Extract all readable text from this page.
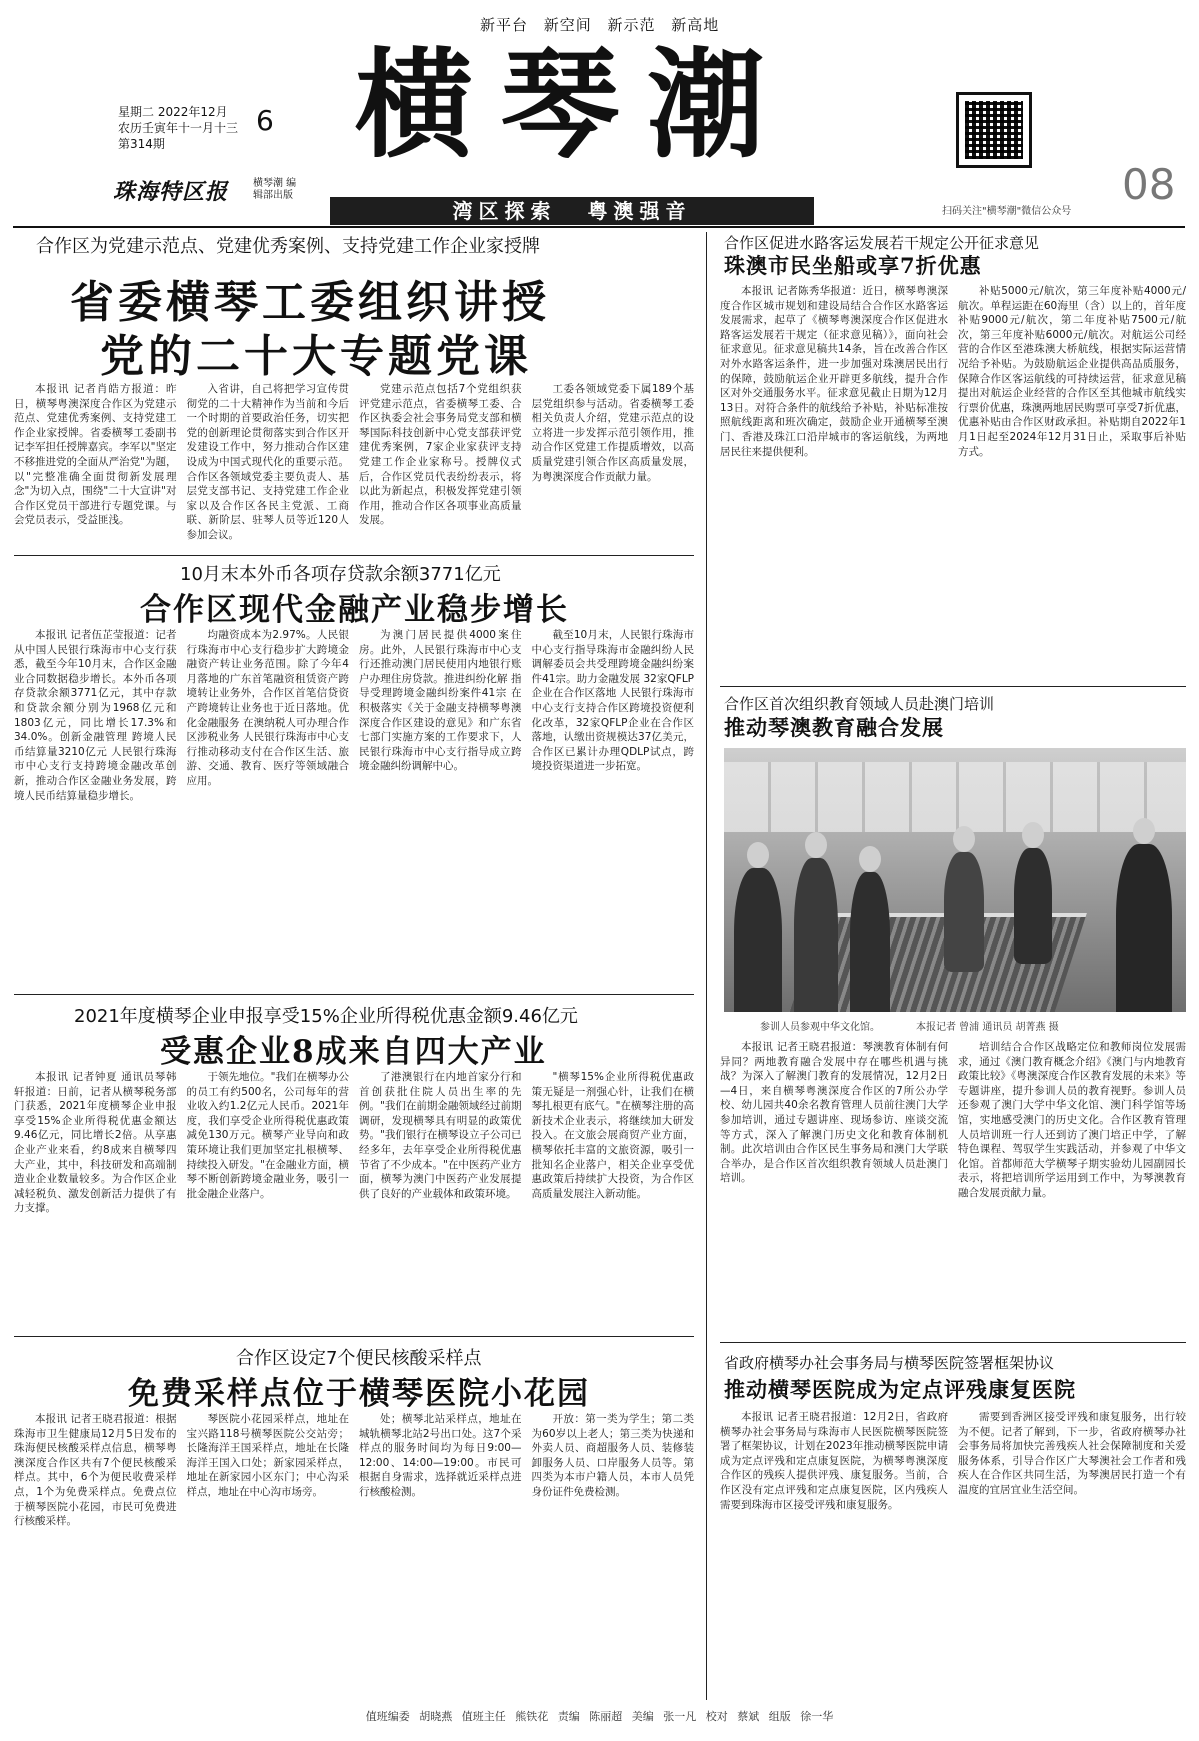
新平台 新空间 新示范 新高地
星期二 2022年12月
农历壬寅年十一月十三
第314期
6
珠海特区报 横琴潮 编辑部出版
横琴潮
湾区探索 粤澳强音	扫码关注"横琴潮"微信公众号
08
合作区为党建示范点、党建优秀案例、支持党建工作企业家授牌
省委横琴工委组织讲授
党的二十大专题党课
本报讯 记者肖皓方报道：昨日，横琴粤澳深度合作区为党建示范点、党建优秀案例、支持党建工作企业家授牌。省委横琴工委副书记李军担任授牌嘉宾。李军以"坚定不移推进党的全面从严治党"为题，以"完整准确全面贯彻新发展理念"为切入点，围绕"二十大宣讲"对合作区党员干部进行专题党课。与会党员表示，受益匪浅。
入省讲，自己将把学习宣传贯彻党的二十大精神作为当前和今后一个时期的首要政治任务，切实把党的创新理论贯彻落实到合作区开发建设工作中，努力推动合作区建设成为中国式现代化的重要示范。合作区各领域党委主要负责人、基层党支部书记、支持党建工作企业家以及合作区各民主党派、工商联、新阶层、驻琴人员等近120人参加会议。
党建示范点包括7个党组织获评党建示范点，省委横琴工委、合作区执委会社会事务局党支部和横琴国际科技创新中心党支部获评党建优秀案例，7家企业家获评支持党建工作企业家称号。授牌仪式后，合作区党员代表纷纷表示，将以此为新起点，积极发挥党建引领作用，推动合作区各项事业高质量发展。
工委各领域党委下属189个基层党组织参与活动。省委横琴工委相关负责人介绍，党建示范点的设立将进一步发挥示范引领作用，推动合作区党建工作提质增效，以高质量党建引领合作区高质量发展，为粤澳深度合作贡献力量。
10月末本外币各项存贷款余额3771亿元
合作区现代金融产业稳步增长
本报讯 记者伍芷莹报道：记者从中国人民银行珠海市中心支行获悉，截至今年10月末，合作区金融业合同数据稳步增长。本外币各项存贷款余额3771亿元，其中存款和贷款余额分别为1968亿元和1803亿元，同比增长17.3%和34.0%。创新金融管理 跨境人民币结算量3210亿元 人民银行珠海市中心支行支持跨境金融改革创新，推动合作区金融业务发展，跨境人民币结算量稳步增长。
均融资成本为2.97%。人民银行珠海市中心支行稳步扩大跨境金融资产转让业务范围。除了今年4月落地的广东首笔融资租赁资产跨境转让业务外，合作区首笔信贷资产跨境转让业务也于近日落地。优化金融服务 在澳纳税人可办理合作区涉税业务 人民银行珠海市中心支行推动移动支付在合作区生活、旅游、交通、教育、医疗等领域融合应用。
为澳门居民提供4000案住房。此外，人民银行珠海市中心支行还推动澳门居民使用内地银行账户办理住房贷款。推进纠纷化解 指导受理跨境金融纠纷案件41宗 在积极落实《关于金融支持横琴粤澳深度合作区建设的意见》和广东省七部门实施方案的工作要求下，人民银行珠海市中心支行指导成立跨境金融纠纷调解中心。
截至10月末，人民银行珠海市中心支行指导珠海市金融纠纷人民调解委员会共受理跨境金融纠纷案件41宗。助力金融发展 32家QFLP企业在合作区落地 人民银行珠海市中心支行支持合作区跨境投资便利化改革，32家QFLP企业在合作区落地，认缴出资规模达37亿美元，合作区已累计办理QDLP试点，跨境投资渠道进一步拓宽。
2021年度横琴企业申报享受15%企业所得税优惠金额9.46亿元
受惠企业8成来自四大产业
本报讯 记者钟夏 通讯员琴韩轩报道：日前，记者从横琴税务部门获悉，2021年度横琴企业申报享受15%企业所得税优惠金额达9.46亿元，同比增长2倍。从享惠企业产业来看，约8成来自横琴四大产业，其中，科技研发和高端制造业企业数量较多。为合作区企业减轻税负、激发创新活力提供了有力支撑。
于领先地位。"我们在横琴办公的员工有约500名，公司每年的营业收入约1.2亿元人民币。2021年度，我们享受企业所得税优惠政策减免130万元。横琴产业导向和政策环境让我们更加坚定扎根横琴、持续投入研发。"在金融业方面，横琴不断创新跨境金融业务，吸引一批金融企业落户。
了港澳银行在内地首家分行和首创获批住院人员出生率的先例。"我们在前期金融领域经过前期调研，发现横琴具有明显的政策优势。"我们银行在横琴设立子公司已经多年，去年享受企业所得税优惠节省了不少成本。"在中医药产业方面，横琴为澳门中医药产业发展提供了良好的产业载体和政策环境。
"横琴15%企业所得税优惠政策无疑是一剂强心针，让我们在横琴扎根更有底气。"在横琴注册的高新技术企业表示，将继续加大研发投入。在文旅会展商贸产业方面，横琴依托丰富的文旅资源，吸引一批知名企业落户，相关企业享受优惠政策后持续扩大投资，为合作区高质量发展注入新动能。
合作区设定7个便民核酸采样点
免费采样点位于横琴医院小花园
本报讯 记者王晓君报道：根据珠海市卫生健康局12月5日发布的珠海便民核酸采样点信息，横琴粤澳深度合作区共有7个便民核酸采样点。其中，6个为便民收费采样点，1个为免费采样点。免费点位于横琴医院小花园，市民可免费进行核酸采样。
琴医院小花园采样点，地址在宝兴路118号横琴医院公交站旁；长隆海洋王国采样点，地址在长隆海洋王国入口处；新家园采样点，地址在新家园小区东门；中心沟采样点，地址在中心沟市场旁。
处；横琴北站采样点，地址在城轨横琴北站2号出口处。这7个采样点的服务时间均为每日9:00—12:00、14:00—19:00。市民可根据自身需求，选择就近采样点进行核酸检测。
开放：第一类为学生；第二类为60岁以上老人；第三类为快递和外卖人员、商超服务人员、装修装卸服务人员、口岸服务人员等。第四类为本市户籍人员，本市人员凭身份证件免费检测。
合作区促进水路客运发展若干规定公开征求意见
珠澳市民坐船或享7折优惠
本报讯 记者陈秀华报道：近日，横琴粤澳深度合作区城市规划和建设局结合合作区水路客运发展需求，起草了《横琴粤澳深度合作区促进水路客运发展若干规定（征求意见稿）》，面向社会征求意见。征求意见稿共14条，旨在改善合作区对外水路客运条件，进一步加强对珠澳居民出行的保障，鼓励航运企业开辟更多航线，提升合作区对外交通服务水平。征求意见截止日期为12月13日。对符合条件的航线给予补贴，补贴标准按照航线距离和班次确定，鼓励企业开通横琴至澳门、香港及珠江口沿岸城市的客运航线，为两地居民往来提供便利。
补贴5000元/航次，第三年度补贴4000元/航次。单程运距在60海里（含）以上的，首年度补贴9000元/航次，第二年度补贴7500元/航次，第三年度补贴6000元/航次。对航运公司经营的合作区至港珠澳大桥航线，根据实际运营情况给予补贴。为鼓励航运企业提供高品质服务，保障合作区客运航线的可持续运营，征求意见稿提出对航运企业经营的合作区至其他城市航线实行票价优惠，珠澳两地居民购票可享受7折优惠，优惠补贴由合作区财政承担。补贴期自2022年1月1日起至2024年12月31日止，采取事后补贴方式。
合作区首次组织教育领域人员赴澳门培训
推动琴澳教育融合发展
参训人员参观中华文化馆。	本报记者 曾浦 通讯员 胡菁燕 摄
本报讯 记者王晓君报道：琴澳教育体制有何异同？两地教育融合发展中存在哪些机遇与挑战？为深入了解澳门教育的发展情况，12月2日—4日，来自横琴粤澳深度合作区的7所公办学校、幼儿园共40余名教育管理人员前往澳门大学参加培训，通过专题讲座、现场参访、座谈交流等方式，深入了解澳门历史文化和教育体制机制。此次培训由合作区民生事务局和澳门大学联合举办，是合作区首次组织教育领域人员赴澳门培训。
培训结合合作区战略定位和教师岗位发展需求，通过《澳门教育概念介绍》《澳门与内地教育政策比较》《粤澳深度合作区教育发展的未来》等专题讲座，提升参训人员的教育视野。参训人员还参观了澳门大学中华文化馆、澳门科学馆等场馆，实地感受澳门的历史文化。合作区教育管理人员培训班一行人还到访了澳门培正中学，了解特色课程、驾驭学生实践活动，并参观了中华文化馆。首都师范大学横琴子期实验幼儿园副园长表示，将把培训所学运用到工作中，为琴澳教育融合发展贡献力量。
省政府横琴办社会事务局与横琴医院签署框架协议
推动横琴医院成为定点评残康复医院
本报讯 记者王晓君报道：12月2日，省政府横琴办社会事务局与珠海市人民医院横琴医院签署了框架协议，计划在2023年推动横琴医院申请成为定点评残和定点康复医院，为横琴粤澳深度合作区的残疾人提供评残、康复服务。当前，合作区没有定点评残和定点康复医院，区内残疾人需要到珠海市区接受评残和康复服务。
需要到香洲区接受评残和康复服务，出行较为不便。记者了解到，下一步，省政府横琴办社会事务局将加快完善残疾人社会保障制度和关爱服务体系，引导合作区广大琴澳社会工作者和残疾人在合作区共同生活，为琴澳居民打造一个有温度的宜居宜业生活空间。
值班编委 胡晓燕 值班主任 熊铁花 责编 陈丽超 美编 张一凡 校对 蔡斌 组版 徐一华
